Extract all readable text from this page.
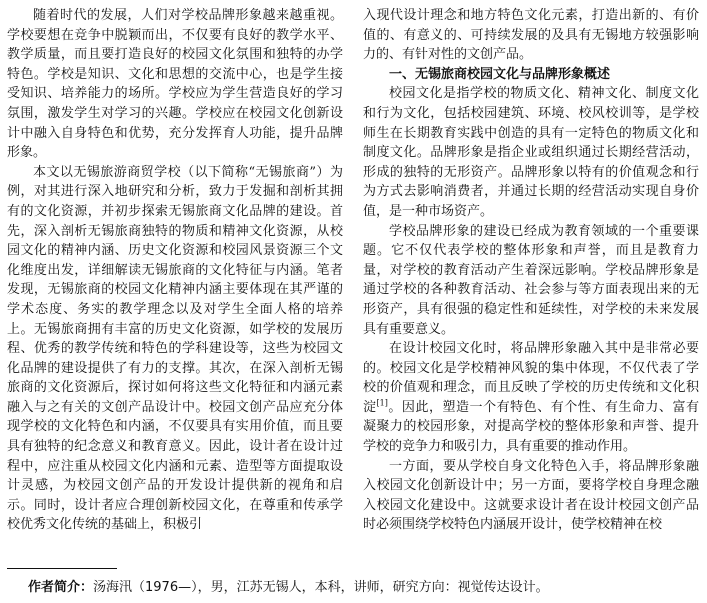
随着时代的发展，人们对学校品牌形象越来越重视。学校要想在竞争中脱颖而出，不仅要有良好的教学水平、教学质量，而且要打造良好的校园文化氛围和独特的办学特色。学校是知识、文化和思想的交流中心，也是学生接受知识、培养能力的场所。学校应为学生营造良好的学习氛围，激发学生对学习的兴趣。学校应在校园文化创新设计中融入自身特色和优势，充分发挥育人功能，提升品牌形象。

本文以无锡旅游商贸学校（以下简称“无锡旅商”）为例，对其进行深入地研究和分析，致力于发掘和剖析其拥有的文化资源，并初步探索无锡旅商文化品牌的建设。首先，深入剖析无锡旅商独特的物质和精神文化资源，从校园文化的精神内涵、历史文化资源和校园风景资源三个文化维度出发，详细解读无锡旅商的文化特征与内涵。笔者发现，无锡旅商的校园文化精神内涵主要体现在其严谨的学术态度、务实的教学理念以及对学生全面人格的培养上。无锡旅商拥有丰富的历史文化资源，如学校的发展历程、优秀的教学传统和特色的学科建设等，这些为校园文化品牌的建设提供了有力的支撑。其次，在深入剖析无锡旅商的文化资源后，探讨如何将这些文化特征和内涵元素融入与之有关的文创产品设计中。校园文创产品应充分体现学校的文化特色和内涵，不仅要具有实用价值，而且要具有独特的纪念意义和教育意义。因此，设计者在设计过程中，应注重从校园文化内涵和元素、造型等方面提取设计灵感，为校园文创产品的开发设计提供新的视角和启示。同时，设计者应合理创新校园文化，在尊重和传承学校优秀文化传统的基础上，积极引

入现代设计理念和地方特色文化元素，打造出新的、有价值的、有意义的、可持续发展的及具有无锡地方较强影响力的、有针对性的文创产品。

一、无锡旅商校园文化与品牌形象概述

校园文化是指学校的物质文化、精神文化、制度文化和行为文化，包括校园建筑、环境、校风校训等，是学校师生在长期教育实践中创造的具有一定特色的物质文化和制度文化。品牌形象是指企业或组织通过长期经营活动，形成的独特的无形资产。品牌形象以特有的价值观念和行为方式去影响消费者，并通过长期的经营活动实现自身价值，是一种市场资产。

学校品牌形象的建设已经成为教育领域的一个重要课题。它不仅代表学校的整体形象和声誉，而且是教育力量，对学校的教育活动产生着深远影响。学校品牌形象是通过学校的各种教育活动、社会参与等方面表现出来的无形资产，具有很强的稳定性和延续性，对学校的未来发展具有重要意义。

在设计校园文化时，将品牌形象融入其中是非常必要的。校园文化是学校精神风貌的集中体现，不仅代表了学校的价值观和理念，而且反映了学校的历史传统和文化积淀[1]。因此，塑造一个有特色、有个性、有生命力、富有凝聚力的校园形象，对提高学校的整体形象和声誉、提升学校的竞争力和吸引力，具有重要的推动作用。

一方面，要从学校自身文化特色入手，将品牌形象融入校园文化创新设计中；另一方面，要将学校自身理念融入校园文化建设中。这就要求设计者在设计校园文创产品时必须围绕学校特色内涵展开设计，使学校精神在校

作者简介：汤海汛（1976—），男，江苏无锡人，本科，讲师，研究方向：视觉传达设计。
